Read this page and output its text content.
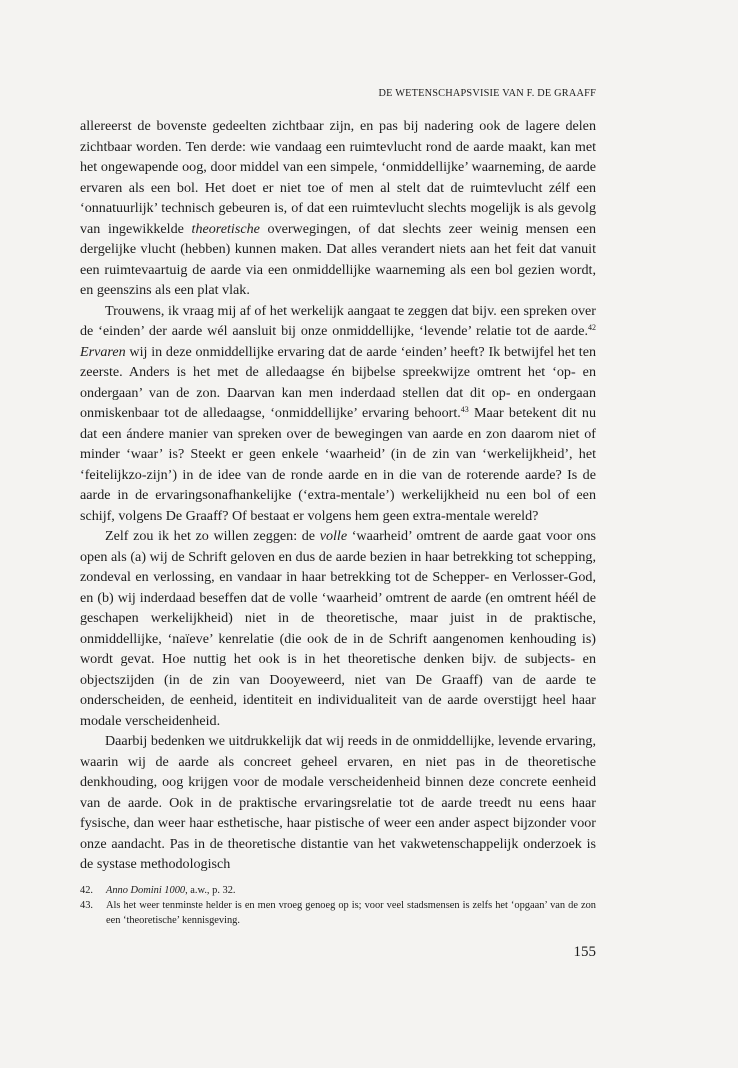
DE WETENSCHAPSVISIE VAN F. DE GRAAFF

allereerst de bovenste gedeelten zichtbaar zijn, en pas bij nadering ook de lagere delen zichtbaar worden. Ten derde: wie vandaag een ruimtevlucht rond de aarde maakt, kan met het ongewapende oog, door middel van een simpele, ‘onmiddellijke’ waarneming, de aarde ervaren als een bol. Het doet er niet toe of men al stelt dat de ruimtevlucht zélf een ‘onnatuurlijk’ technisch gebeuren is, of dat een ruimtevlucht slechts mogelijk is als gevolg van ingewikkelde theoretische overwegingen, of dat slechts zeer weinig mensen een dergelijke vlucht (hebben) kunnen maken. Dat alles verandert niets aan het feit dat vanuit een ruimtevaartuig de aarde via een onmiddellijke waarneming als een bol gezien wordt, en geenszins als een plat vlak.

Trouwens, ik vraag mij af of het werkelijk aangaat te zeggen dat bijv. een spreken over de ‘einden’ der aarde wél aansluit bij onze onmiddellijke, ‘levende’ relatie tot de aarde.$^{42}$ Ervaren wij in deze onmiddellijke ervaring dat de aarde ‘einden’ heeft? Ik betwijfel het ten zeerste. Anders is het met de alledaagse én bijbelse spreekwijze omtrent het ‘op- en ondergaan’ van de zon. Daarvan kan men inderdaad stellen dat dit op- en ondergaan onmiskenbaar tot de alledaagse, ‘onmiddellijke’ ervaring behoort.$^{43}$ Maar betekent dit nu dat een ándere manier van spreken over de bewegingen van aarde en zon daarom niet of minder ‘waar’ is? Steekt er geen enkele ‘waarheid’ (in de zin van ‘werkelijkheid’, het ‘feitelijkzo-zijn’) in de idee van de ronde aarde en in die van de roterende aarde? Is de aarde in de ervaringsonafhankelijke (‘extra-mentale’) werkelijkheid nu een bol of een schijf, volgens De Graaff? Of bestaat er volgens hem geen extra-mentale wereld?

Zelf zou ik het zo willen zeggen: de volle ‘waarheid’ omtrent de aarde gaat voor ons open als (a) wij de Schrift geloven en dus de aarde bezien in haar betrekking tot schepping, zondeval en verlossing, en vandaar in haar betrekking tot de Schepper- en Verlosser-God, en (b) wij inderdaad beseffen dat de volle ‘waarheid’ omtrent de aarde (en omtrent héél de geschapen werkelijkheid) niet in de theoretische, maar juist in de praktische, onmiddellijke, ‘naïeve’ kenrelatie (die ook de in de Schrift aangenomen kenhouding is) wordt gevat. Hoe nuttig het ook is in het theoretische denken bijv. de subjects- en objectszijden (in de zin van Dooyeweerd, niet van De Graaff) van de aarde te onderscheiden, de eenheid, identiteit en individualiteit van de aarde overstijgt heel haar modale verscheidenheid.

Daarbij bedenken we uitdrukkelijk dat wij reeds in de onmiddellijke, levende ervaring, waarin wij de aarde als concreet geheel ervaren, en niet pas in de theoretische denkhouding, oog krijgen voor de modale verscheidenheid binnen deze concrete eenheid van de aarde. Ook in de praktische ervaringsrelatie tot de aarde treedt nu eens haar fysische, dan weer haar esthetische, haar pistische of weer een ander aspect bijzonder voor onze aandacht. Pas in de theoretische distantie van het vakwetenschappelijk onderzoek is de systase methodologisch

42.	Anno Domini 1000, a.w., p. 32.
43.	Als het weer tenminste helder is en men vroeg genoeg op is; voor veel stadsmensen is zelfs het ‘opgaan’ van de zon een ‘theoretische’ kennisgeving.
155
